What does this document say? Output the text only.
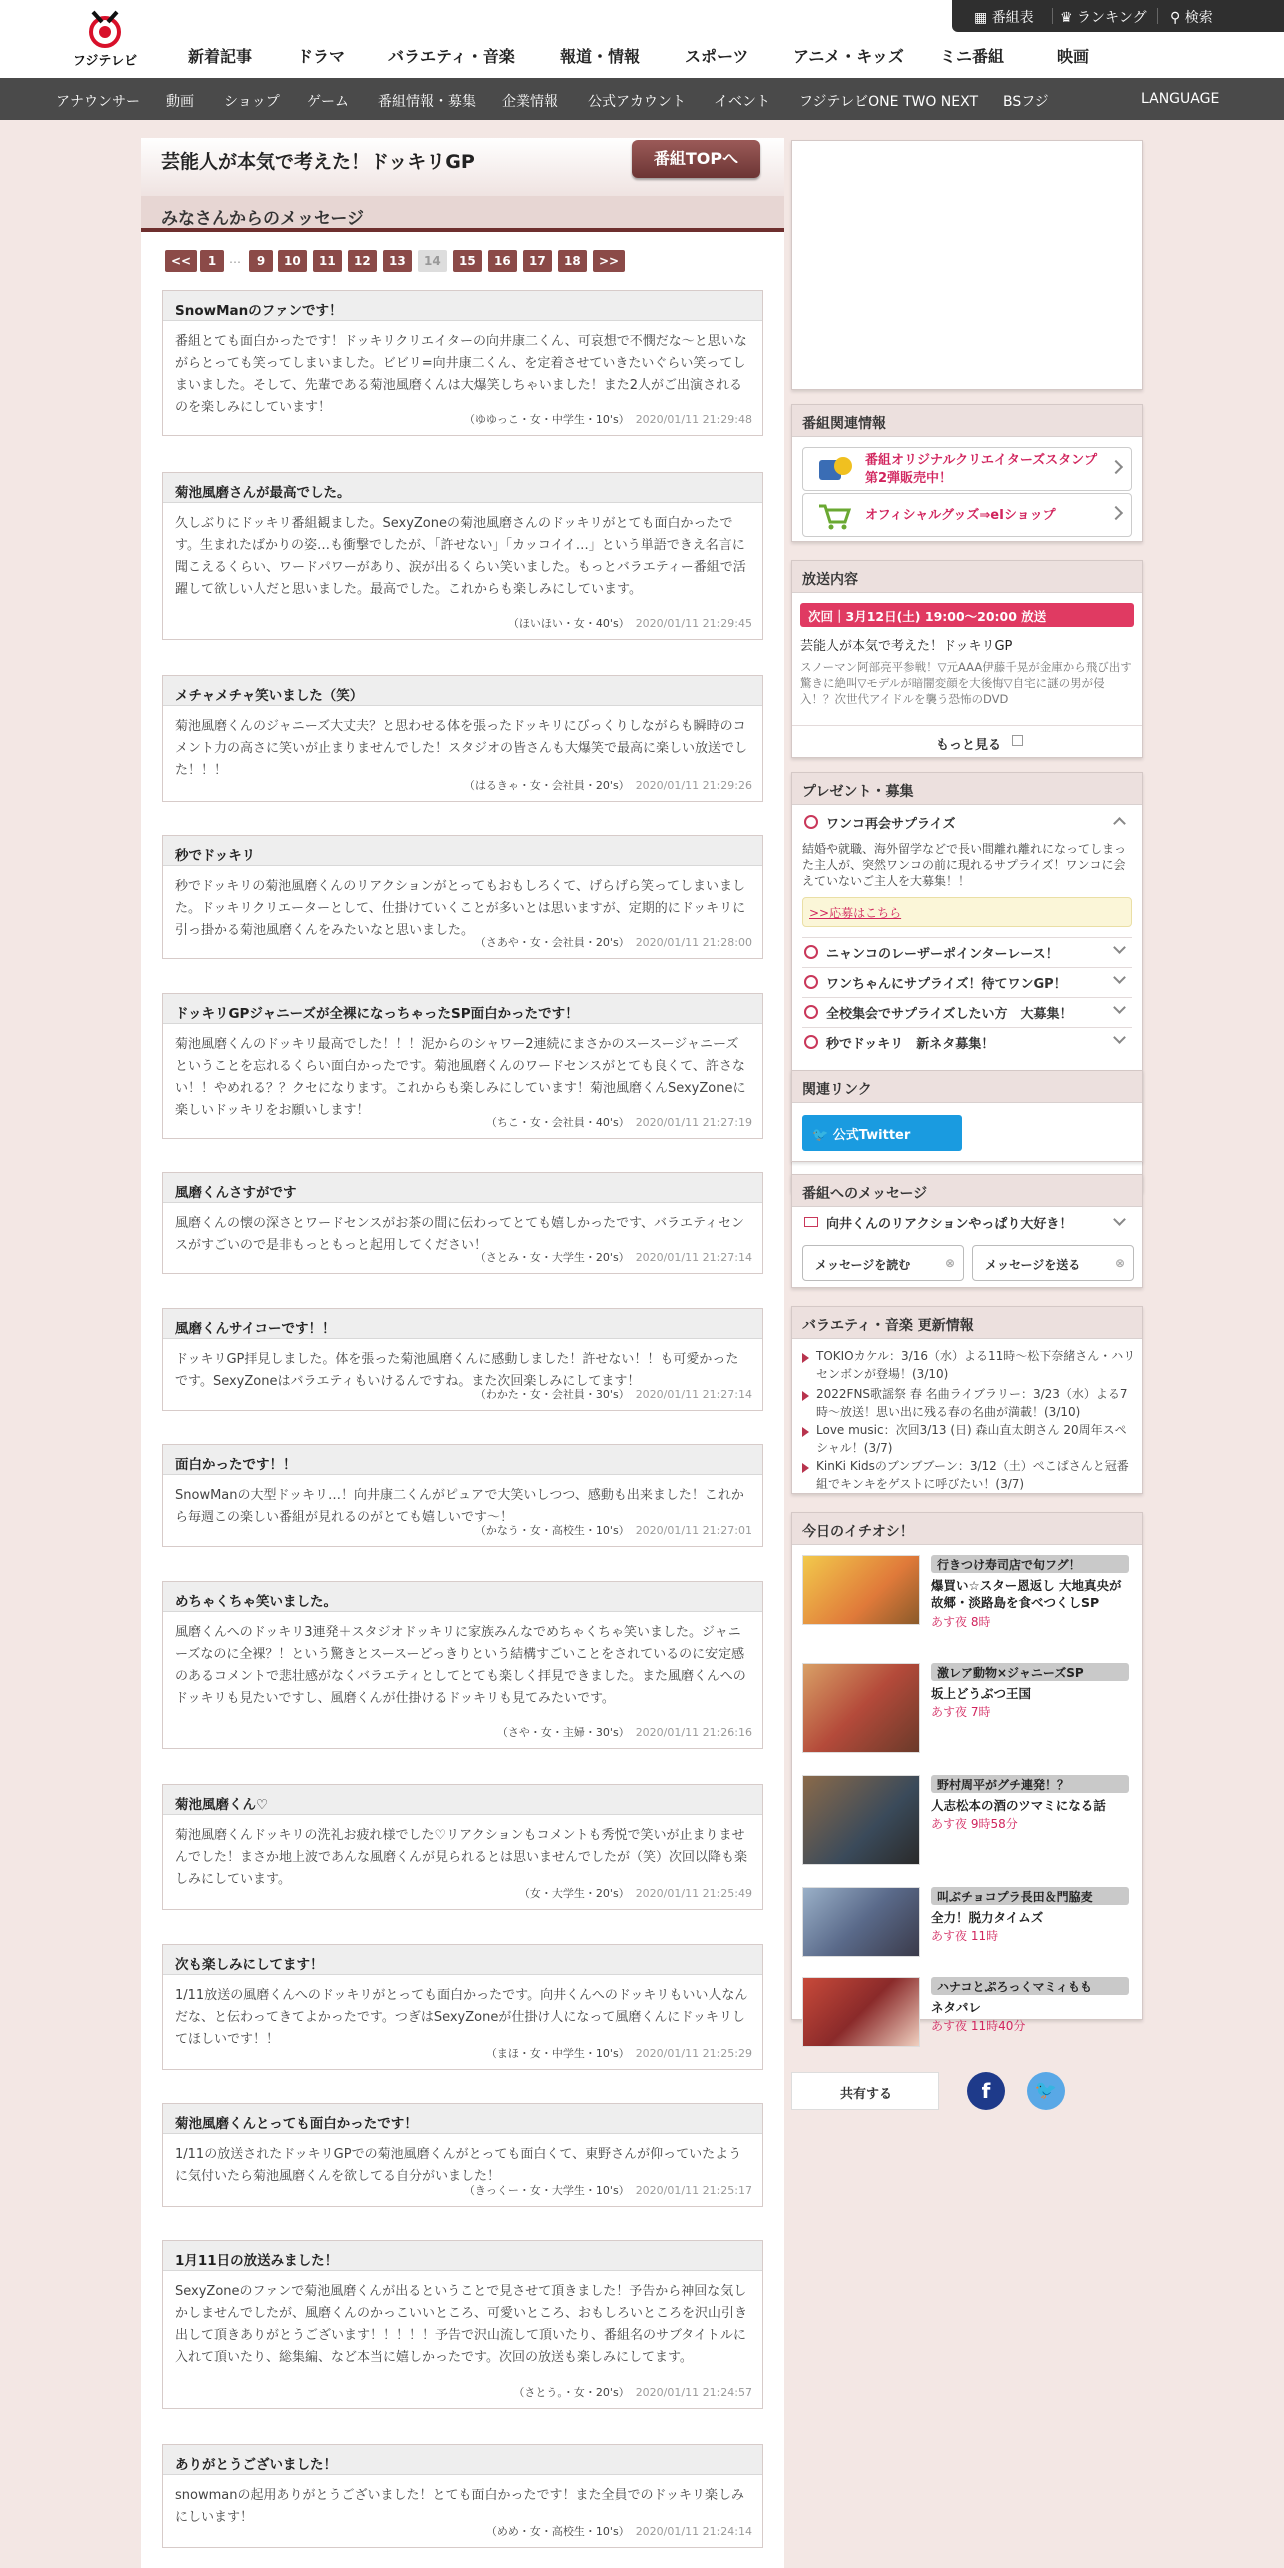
フジテレビ	新着記事	ドラマ	バラエティ・音楽	報道・情報	スポーツ	アニメ・キッズ ミニ番組	映画
▦ 番組表 ♛ ランキング ⚲ 検索
アナウンサー 動画 ショップ ゲーム 番組情報・募集 企業情報 公式アカウント イベント フジテレビONE TWO NEXT BSフジ	LANGUAGE
芸能人が本気で考えた！ドッキリGP	番組TOPへ
みなさんからのメッセージ
<<	1	…	9	10	11	12	13	14	15	16	17	18	>>
SnowManのファンです！
番組とても面白かったです！ドッキリクリエイターの向井康二くん、可哀想で不憫だな～と思いながらとっても笑ってしまいました。ビビリ=向井康二くん、を定着させていきたいぐらい笑ってしまいました。そして、先輩である菊池風磨くんは大爆笑しちゃいました！また2人がご出演されるのを楽しみにしています！
（ゆゆっこ・女・中学生・10's） 2020/01/11 21:29:48
菊池風磨さんが最高でした。
久しぶりにドッキリ番組観ました。SexyZoneの菊池風磨さんのドッキリがとても面白かったです。生まれたばかりの姿…も衝撃でしたが、「許せない」「カッコイイ…」という単語できえ名言に聞こえるくらい、ワードパワーがあり、涙が出るくらい笑いました。もっとバラエティー番組で活躍して欲しい人だと思いました。最高でした。これからも楽しみにしています。
（ほいほい・女・40's） 2020/01/11 21:29:45
メチャメチャ笑いました（笑）
菊池風磨くんのジャニーズ大丈夫？と思わせる体を張ったドッキリにびっくりしながらも瞬時のコメント力の高さに笑いが止まりませんでした！スタジオの皆さんも大爆笑で最高に楽しい放送でした！！！
（はるきゃ・女・会社員・20's） 2020/01/11 21:29:26
秒でドッキリ
秒でドッキリの菊池風磨くんのリアクションがとってもおもしろくて、げらげら笑ってしまいました。ドッキリクリエーターとして、仕掛けていくことが多いとは思いますが、定期的にドッキリに引っ掛かる菊池風磨くんをみたいなと思いました。
（さあや・女・会社員・20's） 2020/01/11 21:28:00
ドッキリGPジャニーズが全裸になっちゃったSP面白かったです！
菊池風磨くんのドッキリ最高でした！！！泥からのシャワー2連続にまさかのスースージャニーズということを忘れるくらい面白かったです。菊池風磨くんのワードセンスがとても良くて、許さない！！やめれる？？クセになります。これからも楽しみにしています！菊池風磨くんSexyZoneに楽しいドッキリをお願いします！
（ちこ・女・会社員・40's） 2020/01/11 21:27:19
風磨くんさすがです
風磨くんの懐の深さとワードセンスがお茶の間に伝わってとても嬉しかったです、バラエティセンスがすごいので是非もっともっと起用してください！
（さとみ・女・大学生・20's） 2020/01/11 21:27:14
風磨くんサイコーです！！
ドッキリGP拝見しました。体を張った菊池風磨くんに感動しました！許せない！！も可愛かったです。SexyZoneはバラエティもいけるんですね。また次回楽しみにしてます！
（わかた・女・会社員・30's） 2020/01/11 21:27:14
面白かったです！！
SnowManの大型ドッキリ…！向井康二くんがピュアで大笑いしつつ、感動も出来ました！これから毎週この楽しい番組が見れるのがとても嬉しいです〜！
（かなう・女・高校生・10's） 2020/01/11 21:27:01
めちゃくちゃ笑いました。
風磨くんへのドッキリ3連発＋スタジオドッキリに家族みんなでめちゃくちゃ笑いました。ジャニーズなのに全裸？！という驚きとスースーどっきりという結構すごいことをされているのに安定感のあるコメントで悲壮感がなくバラエティとしてとても楽しく拝見できました。また風磨くんへのドッキリも見たいですし、風磨くんが仕掛けるドッキリも見てみたいです。
（さや・女・主婦・30's） 2020/01/11 21:26:16
菊池風磨くん♡
菊池風磨くんドッキリの洗礼お疲れ様でした♡リアクションもコメントも秀悦で笑いが止まりませんでした！まさか地上波であんな風磨くんが見られるとは思いませんでしたが（笑）次回以降も楽しみにしています。
（女・大学生・20's） 2020/01/11 21:25:49
次も楽しみにしてます！
1/11放送の風磨くんへのドッキリがとっても面白かったです。向井くんへのドッキリもいい人なんだな、と伝わってきてよかったです。つぎはSexyZoneが仕掛け人になって風磨くんにドッキリしてほしいです！！
（まほ・女・中学生・10's） 2020/01/11 21:25:29
菊池風磨くんとっても面白かったです！
1/11の放送されたドッキリGPでの菊池風磨くんがとっても面白くて、東野さんが仰っていたように気付いたら菊池風磨くんを欲してる自分がいました！
（きっくー・女・大学生・10's） 2020/01/11 21:25:17
1月11日の放送みました！
SexyZoneのファンで菊池風磨くんが出るということで見させて頂きました！予告から神回な気しかしませんでしたが、風磨くんのかっこいいところ、可愛いところ、おもしろいところを沢山引き出して頂きありがとうございます！！！！！予告で沢山流して頂いたり、番組名のサブタイトルに入れて頂いたり、総集編、など本当に嬉しかったです。次回の放送も楽しみにしてます。
（さとう。・女・20's） 2020/01/11 21:24:57
ありがとうございました！
snowmanの起用ありがとうございました！とても面白かったです！また全員でのドッキリ楽しみにしいます！
（めめ・女・高校生・10's） 2020/01/11 21:24:14
番組関連情報
番組オリジナルクリエイターズスタンプ第2弾販売中！
オフィシャルグッズ⇒eIショップ
放送内容
次回｜3月12日(土) 19:00～20:00 放送
芸能人が本気で考えた！ドッキリGP
スノーマン阿部亮平参戦！▽元AAA伊藤千晃が金庫から飛び出す驚きに絶叫▽モデルが暗闇変顔を大後悔▽自宅に謎の男が侵入！？次世代アイドルを襲う恐怖のDVD
もっと見る
プレゼント・募集
ワンコ再会サプライズ
結婚や就職、海外留学などで長い間離れ離れになってしまった主人が、突然ワンコの前に現れるサプライズ！ワンコに会えていないご主人を大募集！！
>>応募はこちら
ニャンコのレーザーポインターレース！
ワンちゃんにサプライズ！待てワンGP！
全校集会でサプライズしたい方　大募集！
秒でドッキリ　新ネタ募集！
関連リンク
🐦 公式Twitter
番組へのメッセージ
向井くんのリアクションやっぱり大好き！
メッセージを読む	⊗	メッセージを送る	⊗
バラエティ・音楽 更新情報
TOKIOカケル：3/16（水）よる11時〜松下奈緒さん・ハリセンボンが登場！(3/10)
2022FNS歌謡祭 春 名曲ライブラリー：3/23（水）よる7時〜放送！思い出に残る春の名曲が満載！(3/10)
Love music：次回3/13 (日) 森山直太朗さん 20周年スペシャル！(3/7)
KinKi Kidsのブンブブーン：3/12（土）ぺこぱさんと冠番組でキンキをゲストに呼びたい！(3/7)
今日のイチオシ！
行きつけ寿司店で旬フグ！
爆買い☆スター恩返し 大地真央が故郷・淡路島を食べつくしSP
あす夜 8時
激レア動物×ジャニーズSP
坂上どうぶつ王国
あす夜 7時
野村周平がグチ連発！？
人志松本の酒のツマミになる話
あす夜 9時58分
叫ぶチョコプラ長田＆門脇麦
全力！脱力タイムズ
あす夜 11時
ハナコとぷろっくマミィもも
ネタパレ
あす夜 11時40分
共有する	f	🐦
